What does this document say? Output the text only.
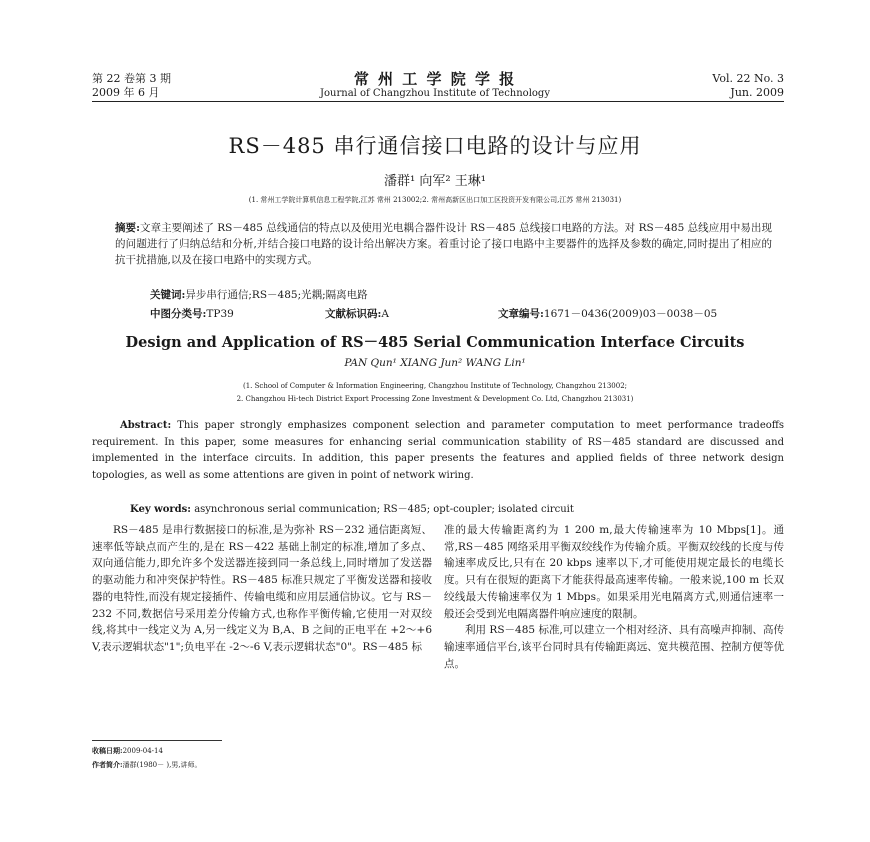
第 22 卷第 3 期
2009 年 6 月
常 州 工 学 院 学 报
Journal of Changzhou Institute of Technology
Vol. 22 No. 3
Jun. 2009
RS－485 串行通信接口电路的设计与应用
潘群¹ 向军² 王琳¹
(1. 常州工学院计算机信息工程学院,江苏 常州 213002;2. 常州高新区出口加工区投资开发有限公司,江苏 常州 213031)
摘要:文章主要阐述了 RS－485 总线通信的特点以及使用光电耦合器件设计 RS－485 总线接口电路的方法。对 RS－485 总线应用中易出现的问题进行了归纳总结和分析,并结合接口电路的设计给出解决方案。着重讨论了接口电路中主要器件的选择及参数的确定,同时提出了相应的抗干扰措施,以及在接口电路中的实现方式。
关键词:异步串行通信;RS－485;光耦;隔离电路
中图分类号:TP39	文献标识码:A	文章编号:1671－0436(2009)03－0038－05
Design and Application of RS－485 Serial Communication Interface Circuits
PAN Qun¹ XIANG Jun² WANG Lin¹
(1. School of Computer & Information Engineering, Changzhou Institute of Technology, Changzhou 213002;
2. Changzhou Hi-tech District Export Processing Zone Investment & Development Co. Ltd, Changzhou 213031)
Abstract: This paper strongly emphasizes component selection and parameter computation to meet performance tradeoffs requirement. In this paper, some measures for enhancing serial communication stability of RS－485 standard are discussed and implemented in the interface circuits. In addition, this paper presents the features and applied fields of three network design topologies, as well as some attentions are given in point of network wiring.
Key words: asynchronous serial communication; RS－485; opt-coupler; isolated circuit

RS－485 是串行数据接口的标准,是为弥补 RS－232 通信距离短、速率低等缺点而产生的,是在 RS－422 基础上制定的标准,增加了多点、双向通信能力,即允许多个发送器连接到同一条总线上,同时增加了发送器的驱动能力和冲突保护特性。RS－485 标准只规定了平衡发送器和接收器的电特性,而没有规定接插件、传输电缆和应用层通信协议。它与 RS－232 不同,数据信号采用差分传输方式,也称作平衡传输,它使用一对双绞线,将其中一线定义为 A,另一线定义为 B,A、B 之间的正电平在 +2～+6 V,表示逻辑状态"1";负电平在 -2～-6 V,表示逻辑状态"0"。RS－485 标

准的最大传输距离约为 1 200 m,最大传输速率为 10 Mbps[1]。通常,RS－485 网络采用平衡双绞线作为传输介质。平衡双绞线的长度与传输速率成反比,只有在 20 kbps 速率以下,才可能使用规定最长的电缆长度。只有在很短的距离下才能获得最高速率传输。一般来说,100 m 长双绞线最大传输速率仅为 1 Mbps。如果采用光电隔离方式,则通信速率一般还会受到光电隔离器件响应速度的限制。

利用 RS－485 标准,可以建立一个相对经济、具有高噪声抑制、高传输速率通信平台,该平台同时具有传输距离远、宽共模范围、控制方便等优点。

收稿日期:2009-04-14
作者简介:潘群(1980－ ),男,讲师。
